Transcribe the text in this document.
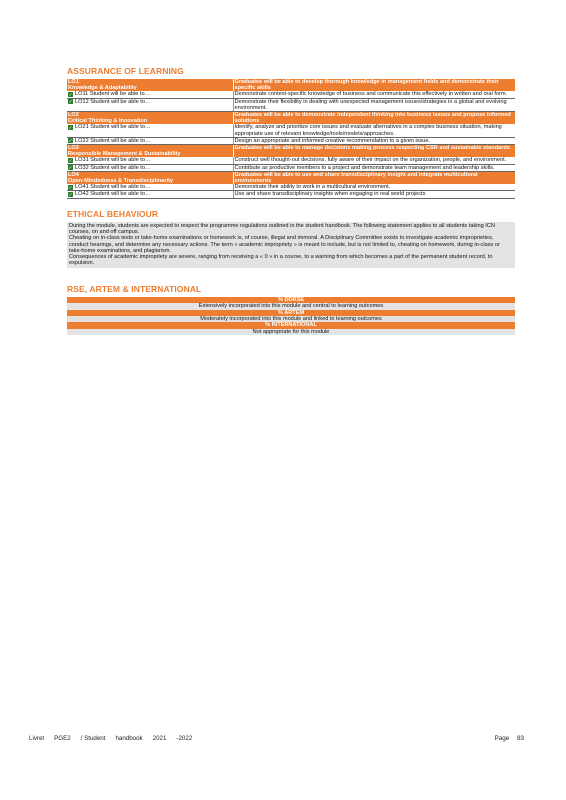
ASSURANCE OF LEARNING
LO1
Knowledge & Adaptability	Graduates will be able to develop thorough knowledge in management fields and demonstrate their specific skills
✓ LO11 Student will be able to…	Demonstrate context-specific knowledge of business and communicate this effectively in written and oral form.
✓ LO12 Student will be able to…	Demonstrate their flexibility in dealing with unexpected management issues/strategies in a global and evolving environment.

LO2
Critical Thinking & Innovation	Graduates will be able to demonstrate independent thinking into business issues and propose informed solutions
✓ LO21 Student will be able to…	Identify, analyze and prioritize core issues and evaluate alternatives in a complex business situation, making appropriate use of relevant knowledge/tools/models/approaches.
✓ LO22 Student will be able to…	Design an appropriate and informed creative recommendation to a given issue.

LO3
Responsible Management & Sustainability	Graduates will be able to manage decisions making process respecting CSR and sustainable standards
✓ LO31 Student will be able to…	Construct well thought-out decisions, fully aware of their impact on the organization, people, and environment.
✓ LO32 Student will be able to…	Contribute as productive members to a project and demonstrate team management and leadership skills.

LO4
Open-Mindedness & Transdisciplinarity	Graduates will be able to use and share transdisciplinary insight and integrate multicultural environments
✓ LO41 Student will be able to…	Demonstrate their ability to work in a multicultural environment.
✓ LO42 Student will be able to…	Use and share transdisciplinary insights when engaging in real world projects
ETHICAL BEHAVIOUR

During the module, students are expected to respect the programme regulations outlined in the student handbook. The following statement applies to all students taking ICN courses, on and off campus.

Cheating on in-class tests or take-home examinations or homework is, of course, illegal and immoral. A Disciplinary Committee exists to investigate academic improprieties, conduct hearings, and determine any necessary actions. The term « academic impropriety » is meant to include, but is not limited to, cheating on homework, during in-class or take-home examinations, and plagiarism.

Consequences of academic impropriety are severe, ranging from receiving a « 0 » in a course, to a warning from which becomes a part of the permanent student record, to expulsion.

RSE, ARTEM & INTERNATIONAL
% DDRSE
Extensively incorporated into this module and central to learning outcomes
% ARTEM
Moderately incorporated into this module and linked to learning outcomes
% INTERNATIONAL
Not appropriate for this module
Livret PGE2 / Student handbook 2021 -2022	Page 83
